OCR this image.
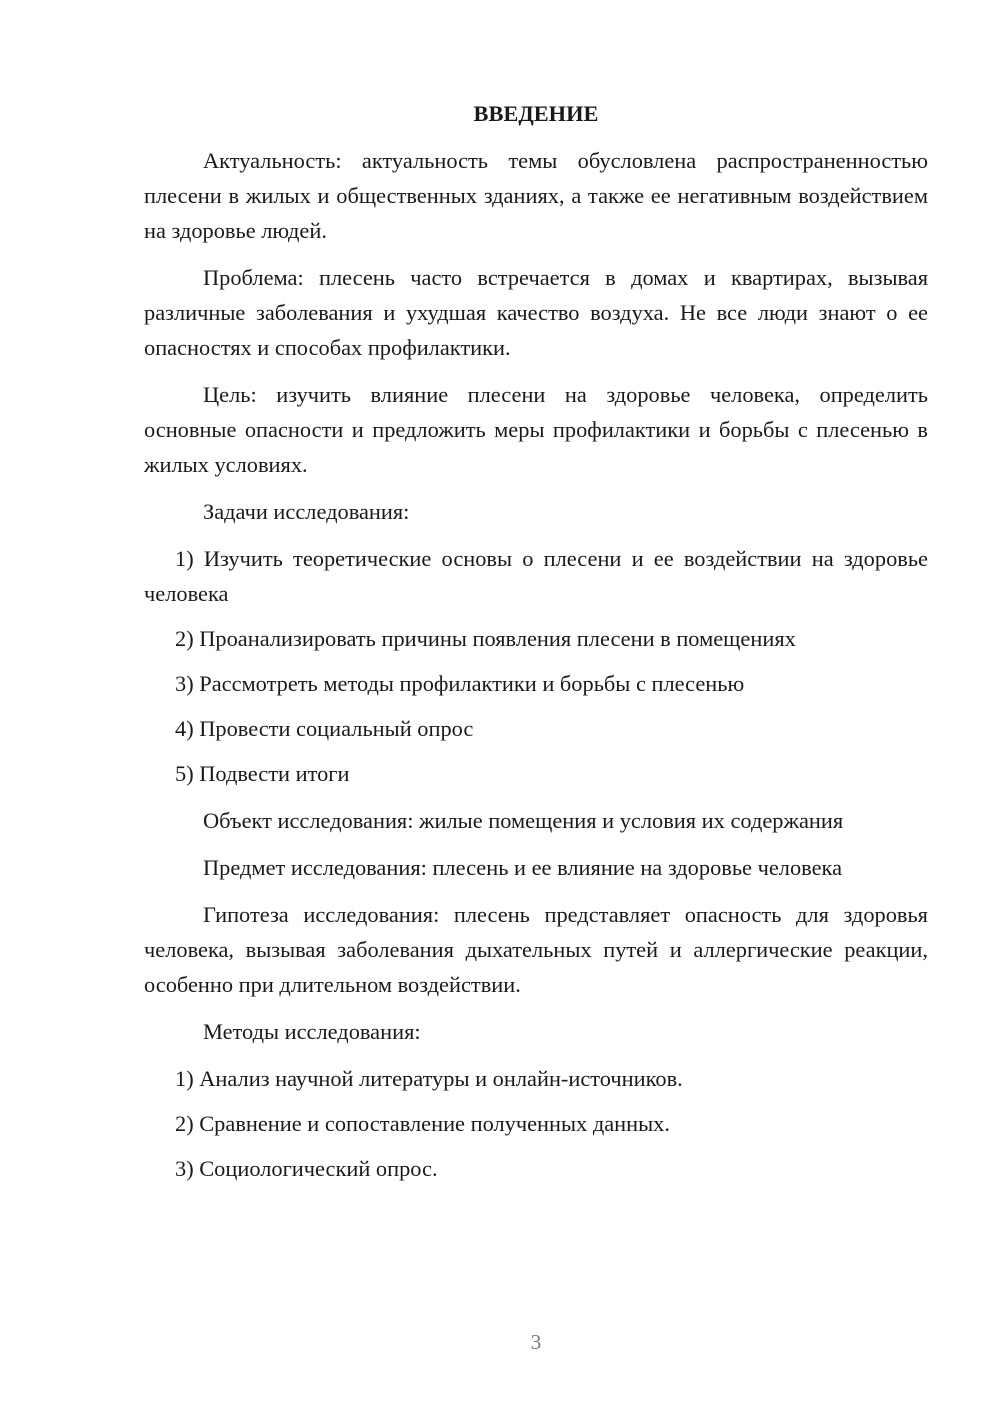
ВВЕДЕНИЕ

Актуальность: актуальность темы обусловлена распространенностью плесени в жилых и общественных зданиях, а также ее негативным воздействием на здоровье людей.

Проблема: плесень часто встречается в домах и квартирах, вызывая различные заболевания и ухудшая качество воздуха. Не все люди знают о ее опасностях и способах профилактики.

Цель: изучить влияние плесени на здоровье человека, определить основные опасности и предложить меры профилактики и борьбы с плесенью в жилых условиях.

Задачи исследования:

1) Изучить теоретические основы о плесени и ее воздействии на здоровье человека

2) Проанализировать причины появления плесени в помещениях

3) Рассмотреть методы профилактики и борьбы с плесенью

4) Провести социальный опрос

5) Подвести итоги

Объект исследования: жилые помещения и условия их содержания

Предмет исследования: плесень и ее влияние на здоровье человека

Гипотеза исследования: плесень представляет опасность для здоровья человека, вызывая заболевания дыхательных путей и аллергические реакции, особенно при длительном воздействии.

Методы исследования:

1) Анализ научной литературы и онлайн-источников.

2) Сравнение и сопоставление полученных данных.

3) Социологический опрос.

3
